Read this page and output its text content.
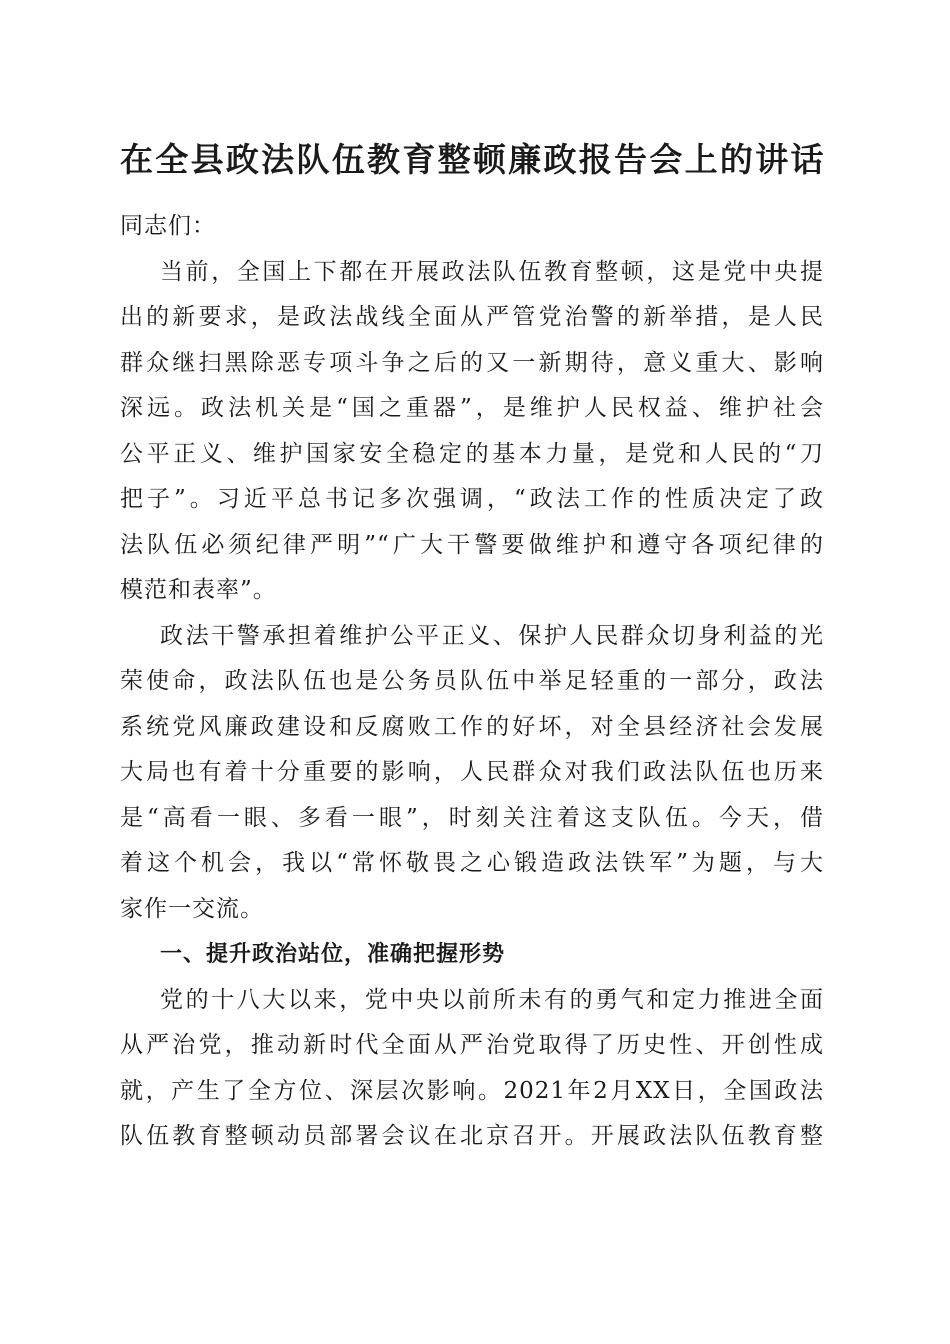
在全县政法队伍教育整顿廉政报告会上的讲话
同志们：
当前，全国上下都在开展政法队伍教育整顿，这是党中央提
出的新要求，是政法战线全面从严管党治警的新举措，是人民
群众继扫黑除恶专项斗争之后的又一新期待，意义重大、影响
深远。政法机关是“国之重器”，是维护人民权益、维护社会
公平正义、维护国家安全稳定的基本力量，是党和人民的“刀
把子”。习近平总书记多次强调，“政法工作的性质决定了政
法队伍必须纪律严明”“广大干警要做维护和遵守各项纪律的
模范和表率”。
政法干警承担着维护公平正义、保护人民群众切身利益的光
荣使命，政法队伍也是公务员队伍中举足轻重的一部分，政法
系统党风廉政建设和反腐败工作的好坏，对全县经济社会发展
大局也有着十分重要的影响，人民群众对我们政法队伍也历来
是“高看一眼、多看一眼”，时刻关注着这支队伍。今天，借
着这个机会，我以“常怀敬畏之心锻造政法铁军”为题，与大
家作一交流。
一、提升政治站位，准确把握形势
党的十八大以来，党中央以前所未有的勇气和定力推进全面
从严治党，推动新时代全面从严治党取得了历史性、开创性成
就，产生了全方位、深层次影响。2021年2月XX日，全国政法
队伍教育整顿动员部署会议在北京召开。开展政法队伍教育整
